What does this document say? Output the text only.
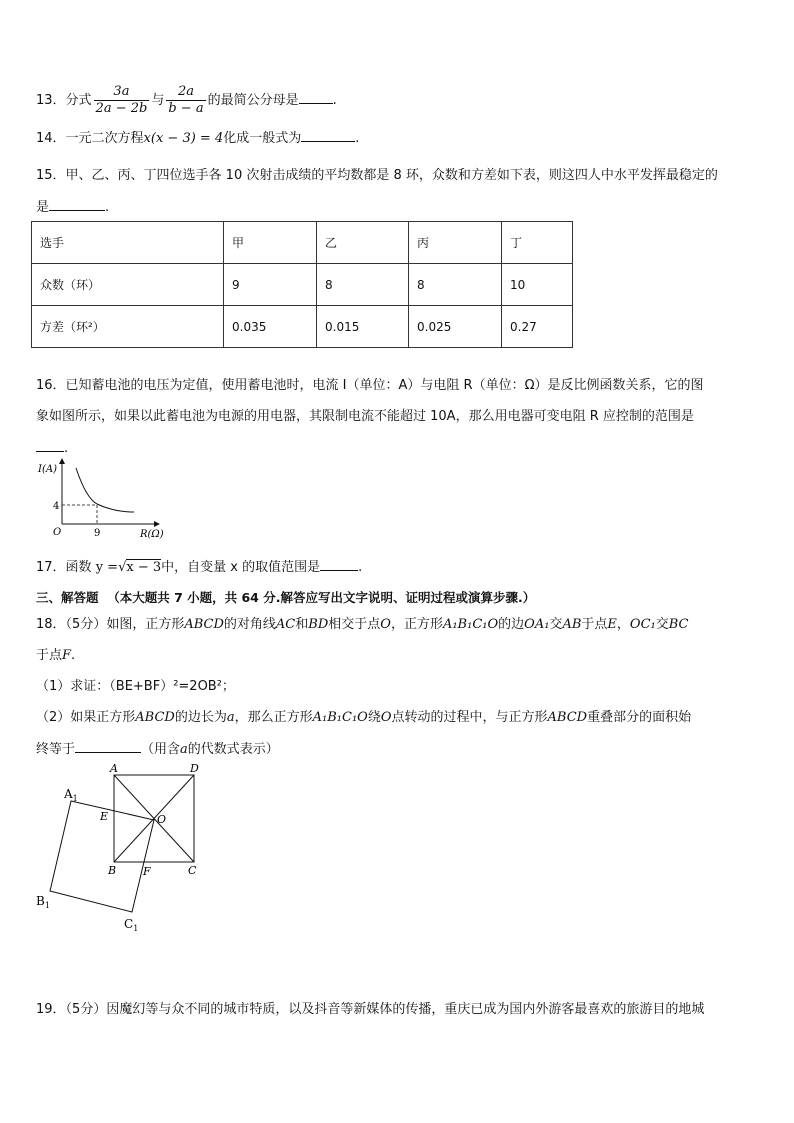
13．分式 $\frac{3a}{2a - 2b}$ 与 $\frac{2a}{b - a}$ 的最简公分母是	.
14．一元二次方程x(x − 3) = 4化成一般式为	.
15．甲、乙、丙、丁四位选手各 10 次射击成绩的平均数都是 8 环，众数和方差如下表，则这四人中水平发挥最稳定的
是	.
选手	甲	乙	丙	丁
众数（环）	9	8	8	10
方差（环²）	0.035	0.015	0.025	0.27
16．已知蓄电池的电压为定值，使用蓄电池时，电流 I（单位：A）与电阻 R（单位：Ω）是反比例函数关系，它的图
象如图所示，如果以此蓄电池为电源的用电器，其限制电流不能超过 10A，那么用电器可变电阻 R 应控制的范围是
.
I(A)
R(Ω)
O
4
9
17．函数 y =√x − 3中，自变量 x 的取值范围是	.
三、解答题 （本大题共 7 小题，共 64 分.解答应写出文字说明、证明过程或演算步骤.）
18．（5分）如图，正方形ABCD的对角线AC和BD相交于点O，正方形A₁B₁C₁O的边OA₁交AB于点E，OC₁交BC
于点F.
（1）求证：（BE+BF）²=2OB²；
（2）如果正方形ABCD的边长为a，那么正方形A₁B₁C₁O绕O点转动的过程中，与正方形ABCD重叠部分的面积始
终等于	（用含a的代数式表示）
A	D
B	C
O
E
F
$A_1$
$B_1$
$C_1$
19．（5分）因魔幻等与众不同的城市特质，以及抖音等新媒体的传播，重庆已成为国内外游客最喜欢的旅游目的地城
